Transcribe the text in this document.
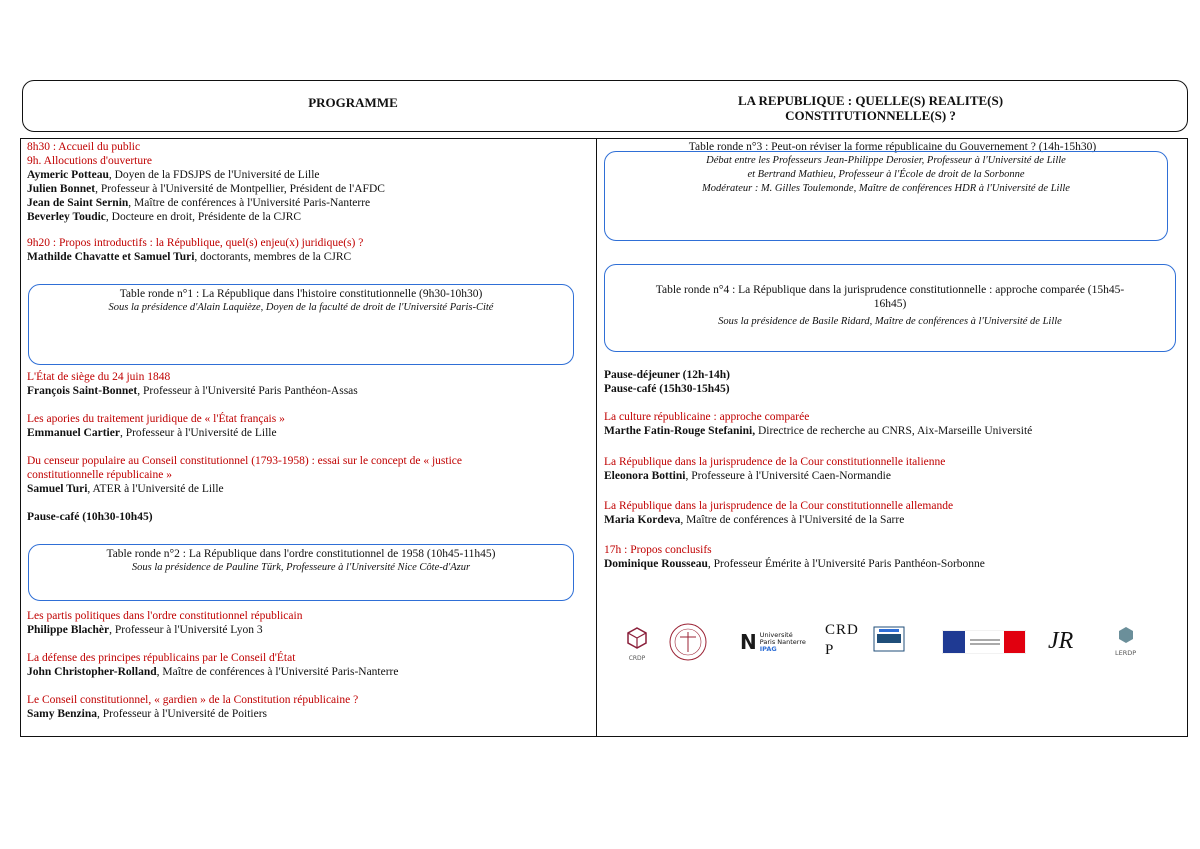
PROGRAMME	LA REPUBLIQUE : QUELLE(S) REALITE(S)
CONSTITUTIONNELLE(S) ?
8h30 : Accueil du public
9h. Allocutions d'ouverture
Aymeric Potteau, Doyen de la FDSJPS de l'Université de Lille
Julien Bonnet, Professeur à l'Université de Montpellier, Président de l'AFDC
Jean de Saint Sernin, Maître de conférences à l'Université Paris-Nanterre
Beverley Toudic, Docteure en droit, Présidente de la CJRC
9h20 : Propos introductifs : la République, quel(s) enjeu(x) juridique(s) ?
Mathilde Chavatte et Samuel Turi, doctorants, membres de la CJRC
Table ronde n°1 : La République dans l'histoire constitutionnelle (9h30-10h30)
Sous la présidence d'Alain Laquièze, Doyen de la faculté de droit de l'Université Paris-Cité
L'État de siège du 24 juin 1848
François Saint-Bonnet, Professeur à l'Université Paris Panthéon-Assas
Les apories du traitement juridique de « l'État français »
Emmanuel Cartier, Professeur à l'Université de Lille
Du censeur populaire au Conseil constitutionnel (1793-1958) : essai sur le concept de « justice
constitutionnelle républicaine »
Samuel Turi, ATER à l'Université de Lille
Pause-café (10h30-10h45)
Table ronde n°2 : La République dans l'ordre constitutionnel de 1958 (10h45-11h45)
Sous la présidence de Pauline Türk, Professeure à l'Université Nice Côte-d'Azur
Les partis politiques dans l'ordre constitutionnel républicain
Philippe Blachèr, Professeur à l'Université Lyon 3
La défense des principes républicains par le Conseil d'État
John Christopher-Rolland, Maître de conférences à l'Université Paris-Nanterre
Le Conseil constitutionnel, « gardien » de la Constitution républicaine ?
Samy Benzina, Professeur à l'Université de Poitiers
Table ronde n°3 : Peut-on réviser la forme républicaine du Gouvernement ? (14h-15h30)
Débat entre les Professeurs Jean-Philippe Derosier, Professeur à l'Université de Lille
et Bertrand Mathieu, Professeur à l'École de droit de la Sorbonne
Modérateur : M. Gilles Toulemonde, Maître de conférences HDR à l'Université de Lille
Table ronde n°4 : La République dans la jurisprudence constitutionnelle : approche comparée (15h45-
16h45)
Sous la présidence de Basile Ridard, Maître de conférences à l'Université de Lille
Pause-déjeuner (12h-14h)
Pause-café (15h30-15h45)
La culture républicaine : approche comparée
Marthe Fatin-Rouge Stefanini, Directrice de recherche au CNRS, Aix-Marseille Université
La République dans la jurisprudence de la Cour constitutionnelle italienne
Eleonora Bottini, Professeure à l'Université Caen-Normandie
La République dans la jurisprudence de la Cour constitutionnelle allemande
Maria Kordeva, Maître de conférences à l'Université de la Sarre
17h : Propos conclusifs
Dominique Rousseau, Professeur Émérite à l'Université Paris Panthéon-Sorbonne
CRDP
N Université
Paris Nanterre
IPAG
CRDP	JR	LERDP
